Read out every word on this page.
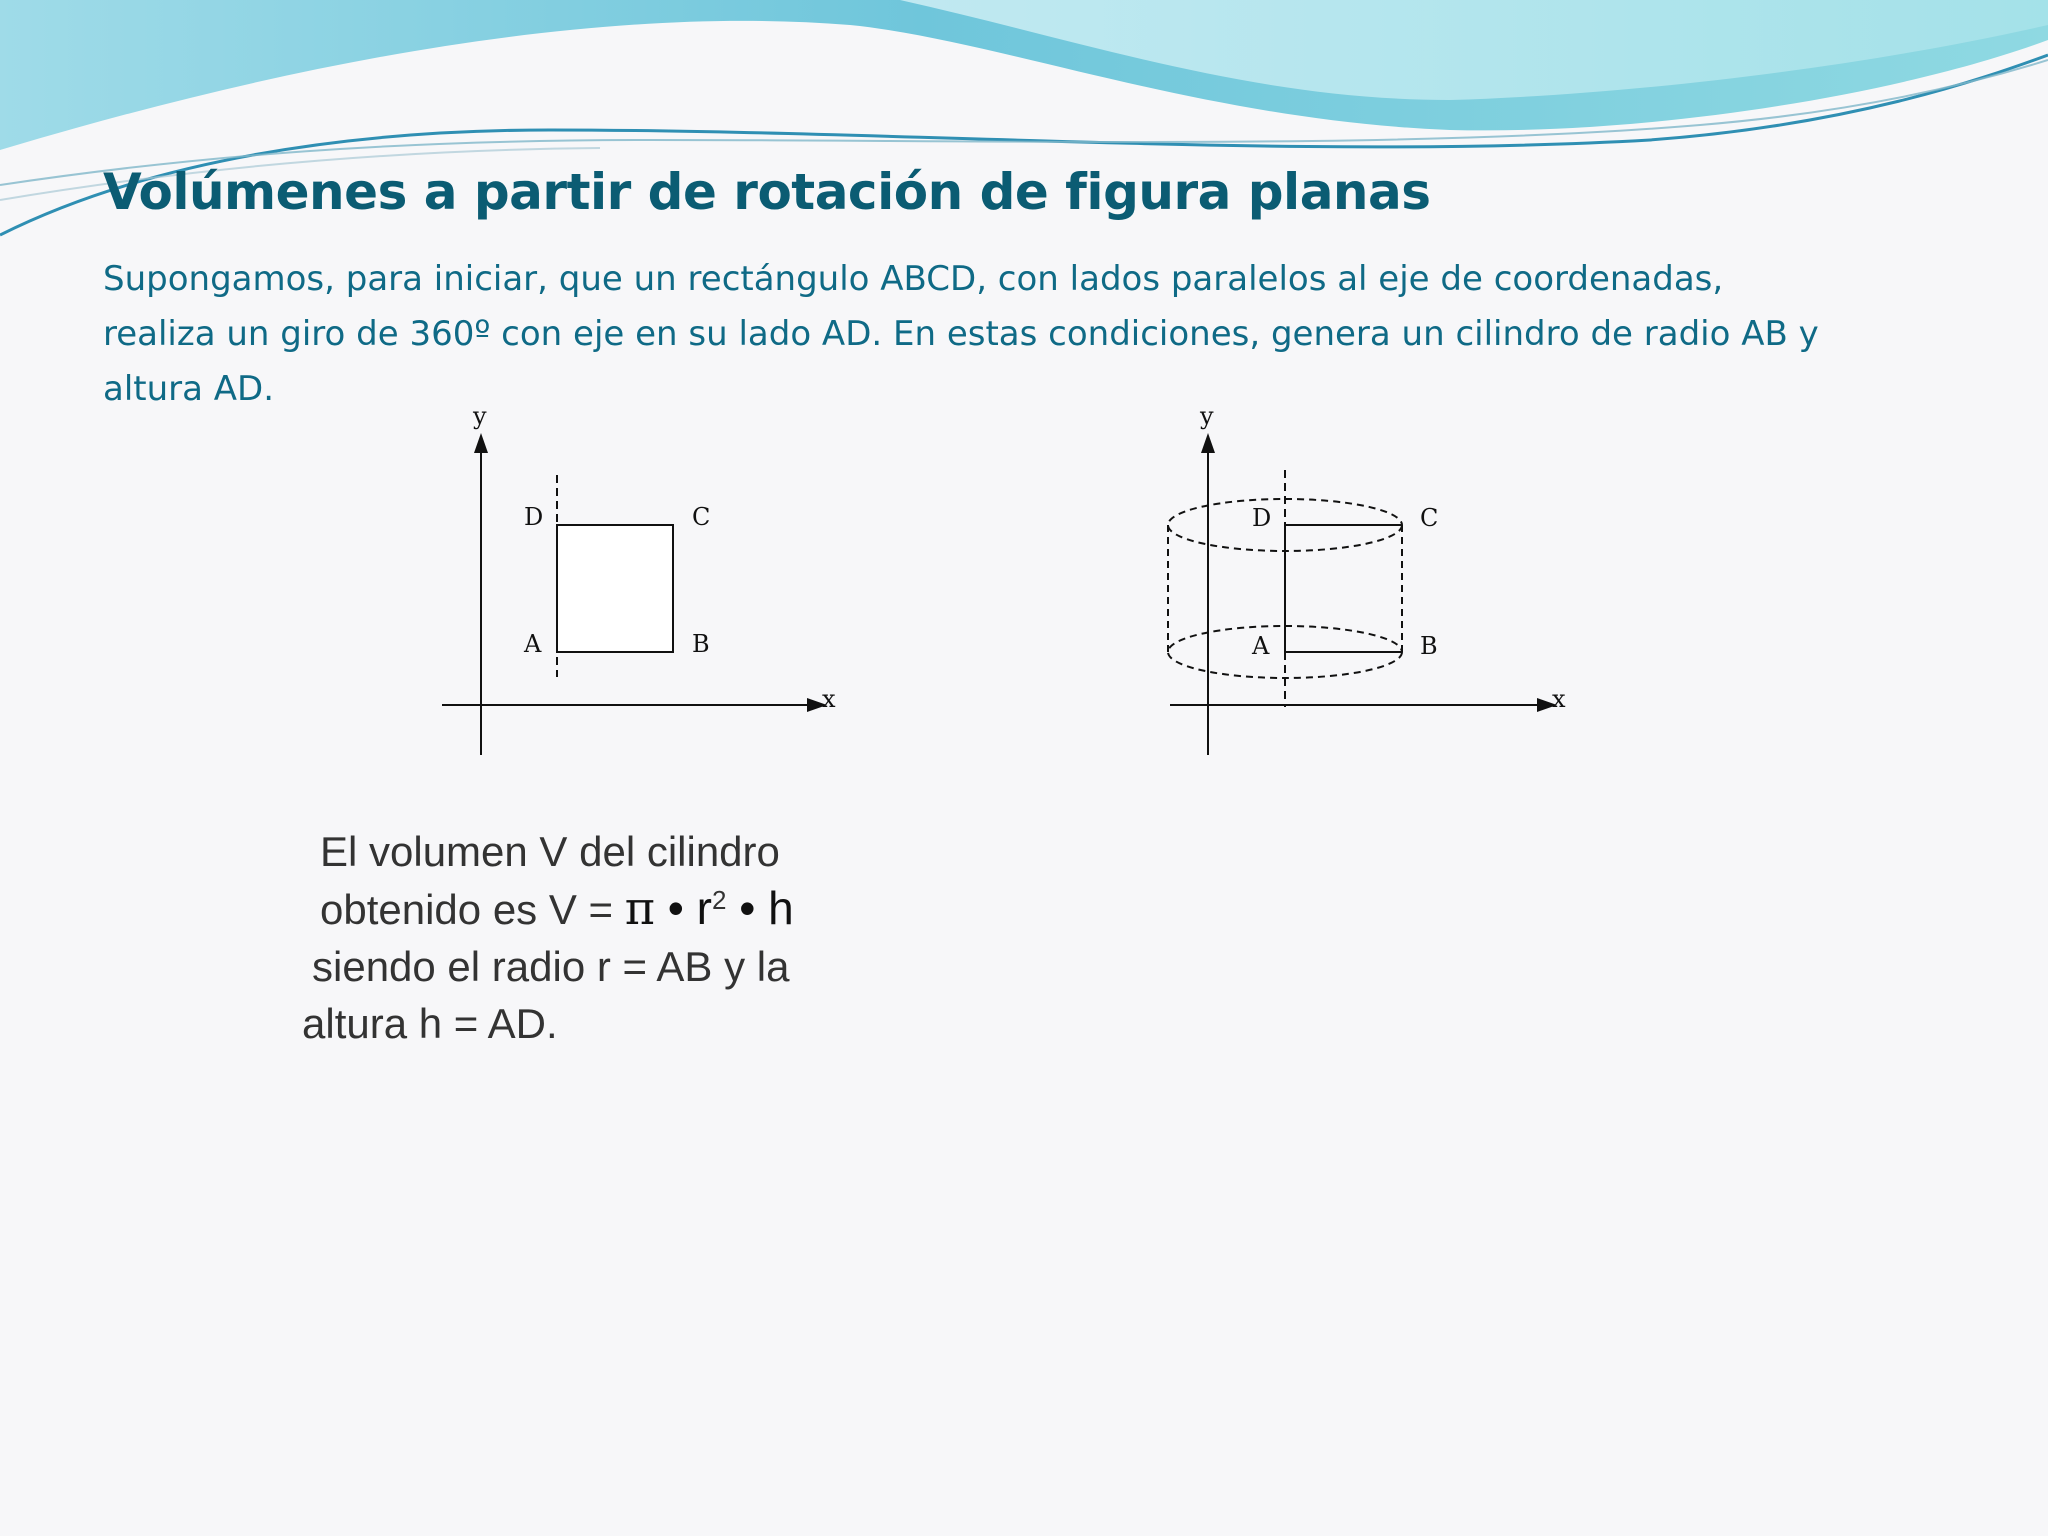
Volúmenes a partir de rotación de figura planas

Supongamos, para iniciar, que un rectángulo ABCD, con lados paralelos al eje de coordenadas,
realiza un giro de 360º con eje en su lado AD. En estas condiciones, genera un cilindro de radio AB y
altura AD.

y
x
D	C
A	B
y
x
D	C
A	B
El volumen V del cilindro
obtenido es V = π • $r^2$ • h
siendo el radio r = AB y la
altura h = AD.
